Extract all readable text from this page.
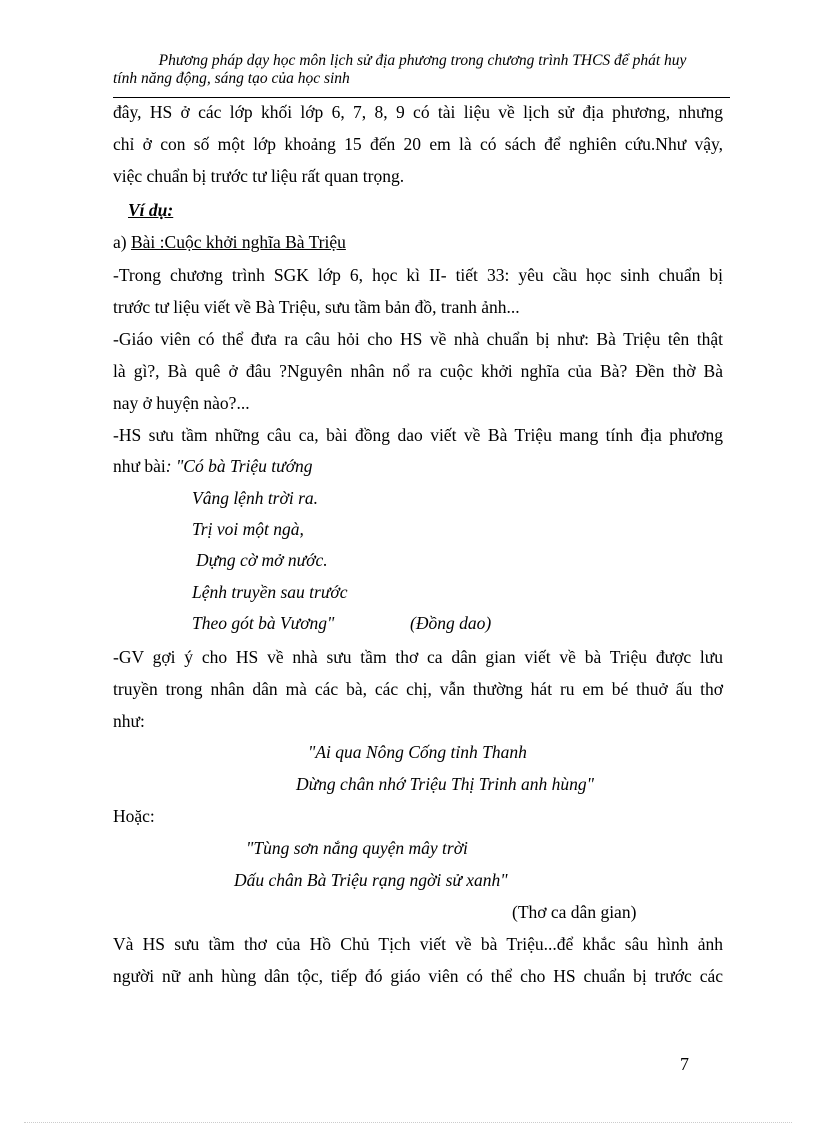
Phương pháp dạy học môn lịch sử địa phương trong chương trình THCS để phát huy
tính năng động, sáng tạo của học sinh
đây, HS ở các lớp khối lớp 6, 7, 8, 9 có tài liệu về lịch sử địa phương, nhưng
chỉ ở con số một lớp khoảng 15 đến 20 em là có sách để nghiên cứu.Như vậy,
việc chuẩn bị trước tư liệu rất quan trọng.
Ví dụ:
a) Bài :Cuộc khởi nghĩa Bà Triệu
-Trong chương trình SGK lớp 6, học kì II- tiết 33: yêu cầu học sinh chuẩn bị
trước tư liệu viết về Bà Triệu, sưu tầm bản đồ, tranh ảnh...
-Giáo viên có thể đưa ra câu hỏi cho HS về nhà chuẩn bị như: Bà Triệu tên thật
là gì?, Bà quê ở đâu ?Nguyên nhân nổ ra cuộc khởi nghĩa của Bà? Đền thờ Bà
nay ở huyện nào?...
-HS sưu tầm những câu ca, bài đồng dao viết về Bà Triệu mang tính địa phương
như bài: "Có bà Triệu tướng
Vâng lệnh trời ra.
Trị voi một ngà,
Dựng cờ mở nước.
Lệnh truyền sau trước
Theo gót bà Vương"	(Đồng dao)
-GV gợi ý cho HS về nhà sưu tầm thơ ca dân gian viết về bà Triệu được lưu
truyền trong nhân dân mà các bà, các chị, vẫn thường hát ru em bé thuở ấu thơ
như:
"Ai qua Nông Cống tỉnh Thanh
Dừng chân nhớ Triệu Thị Trinh anh hùng"
Hoặc:
"Tùng sơn nắng quyện mây trời
Dấu chân Bà Triệu rạng ngời sử xanh"
(Thơ ca dân gian)
Và HS sưu tầm thơ của Hồ Chủ Tịch viết về bà Triệu...để khắc sâu hình ảnh
người nữ anh hùng dân tộc, tiếp đó giáo viên có thể cho HS chuẩn bị trước các
7
